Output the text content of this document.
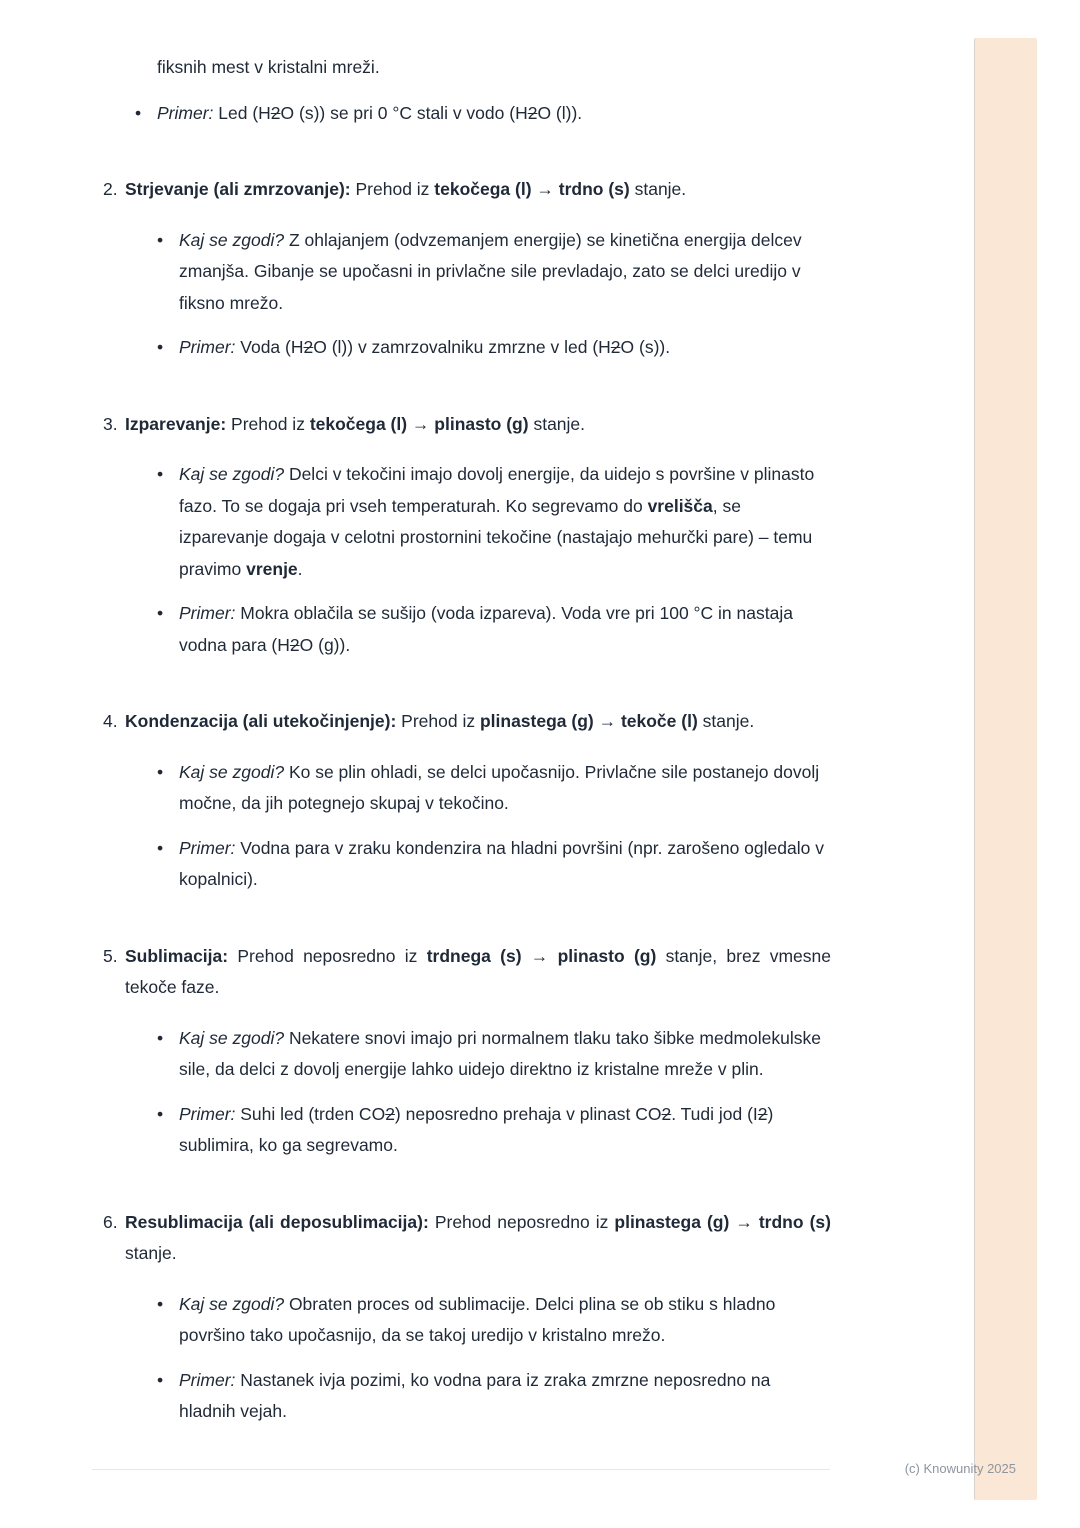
fiksnih mest v kristalni mreži.

• Primer: Led (H2O (s)) se pri 0 °C stali v vodo (H2O (l)).

2. Strjevanje (ali zmrzovanje): Prehod iz tekočega (l) → trdno (s) stanje.

• Kaj se zgodi? Z ohlajanjem (odvzemanjem energije) se kinetična energija delcev zmanjša. Gibanje se upočasni in privlačne sile prevladajo, zato se delci uredijo v fiksno mrežo.

• Primer: Voda (H2O (l)) v zamrzovalniku zmrzne v led (H2O (s)).

3. Izparevanje: Prehod iz tekočega (l) → plinasto (g) stanje.

• Kaj se zgodi? Delci v tekočini imajo dovolj energije, da uidejo s površine v plinasto fazo. To se dogaja pri vseh temperaturah. Ko segrevamo do vrelišča, se izparevanje dogaja v celotni prostornini tekočine (nastajajo mehurčki pare) – temu pravimo vrenje.

• Primer: Mokra oblačila se sušijo (voda izpareva). Voda vre pri 100 °C in nastaja vodna para (H2O (g)).

4. Kondenzacija (ali utekočinjenje): Prehod iz plinastega (g) → tekoče (l) stanje.

• Kaj se zgodi? Ko se plin ohladi, se delci upočasnijo. Privlačne sile postanejo dovolj močne, da jih potegnejo skupaj v tekočino.

• Primer: Vodna para v zraku kondenzira na hladni površini (npr. zarošeno ogledalo v kopalnici).

5. Sublimacija: Prehod neposredno iz trdnega (s) → plinasto (g) stanje, brez vmesne tekoče faze.

• Kaj se zgodi? Nekatere snovi imajo pri normalnem tlaku tako šibke medmolekulske sile, da delci z dovolj energije lahko uidejo direktno iz kristalne mreže v plin.

• Primer: Suhi led (trden CO2) neposredno prehaja v plinast CO2. Tudi jod (I2) sublimira, ko ga segrevamo.

6. Resublimacija (ali deposublimacija): Prehod neposredno iz plinastega (g) → trdno (s) stanje.

• Kaj se zgodi? Obraten proces od sublimacije. Delci plina se ob stiku s hladno površino tako upočasnijo, da se takoj uredijo v kristalno mrežo.

• Primer: Nastanek ivja pozimi, ko vodna para iz zraka zmrzne neposredno na hladnih vejah.

(c) Knowunity 2025
